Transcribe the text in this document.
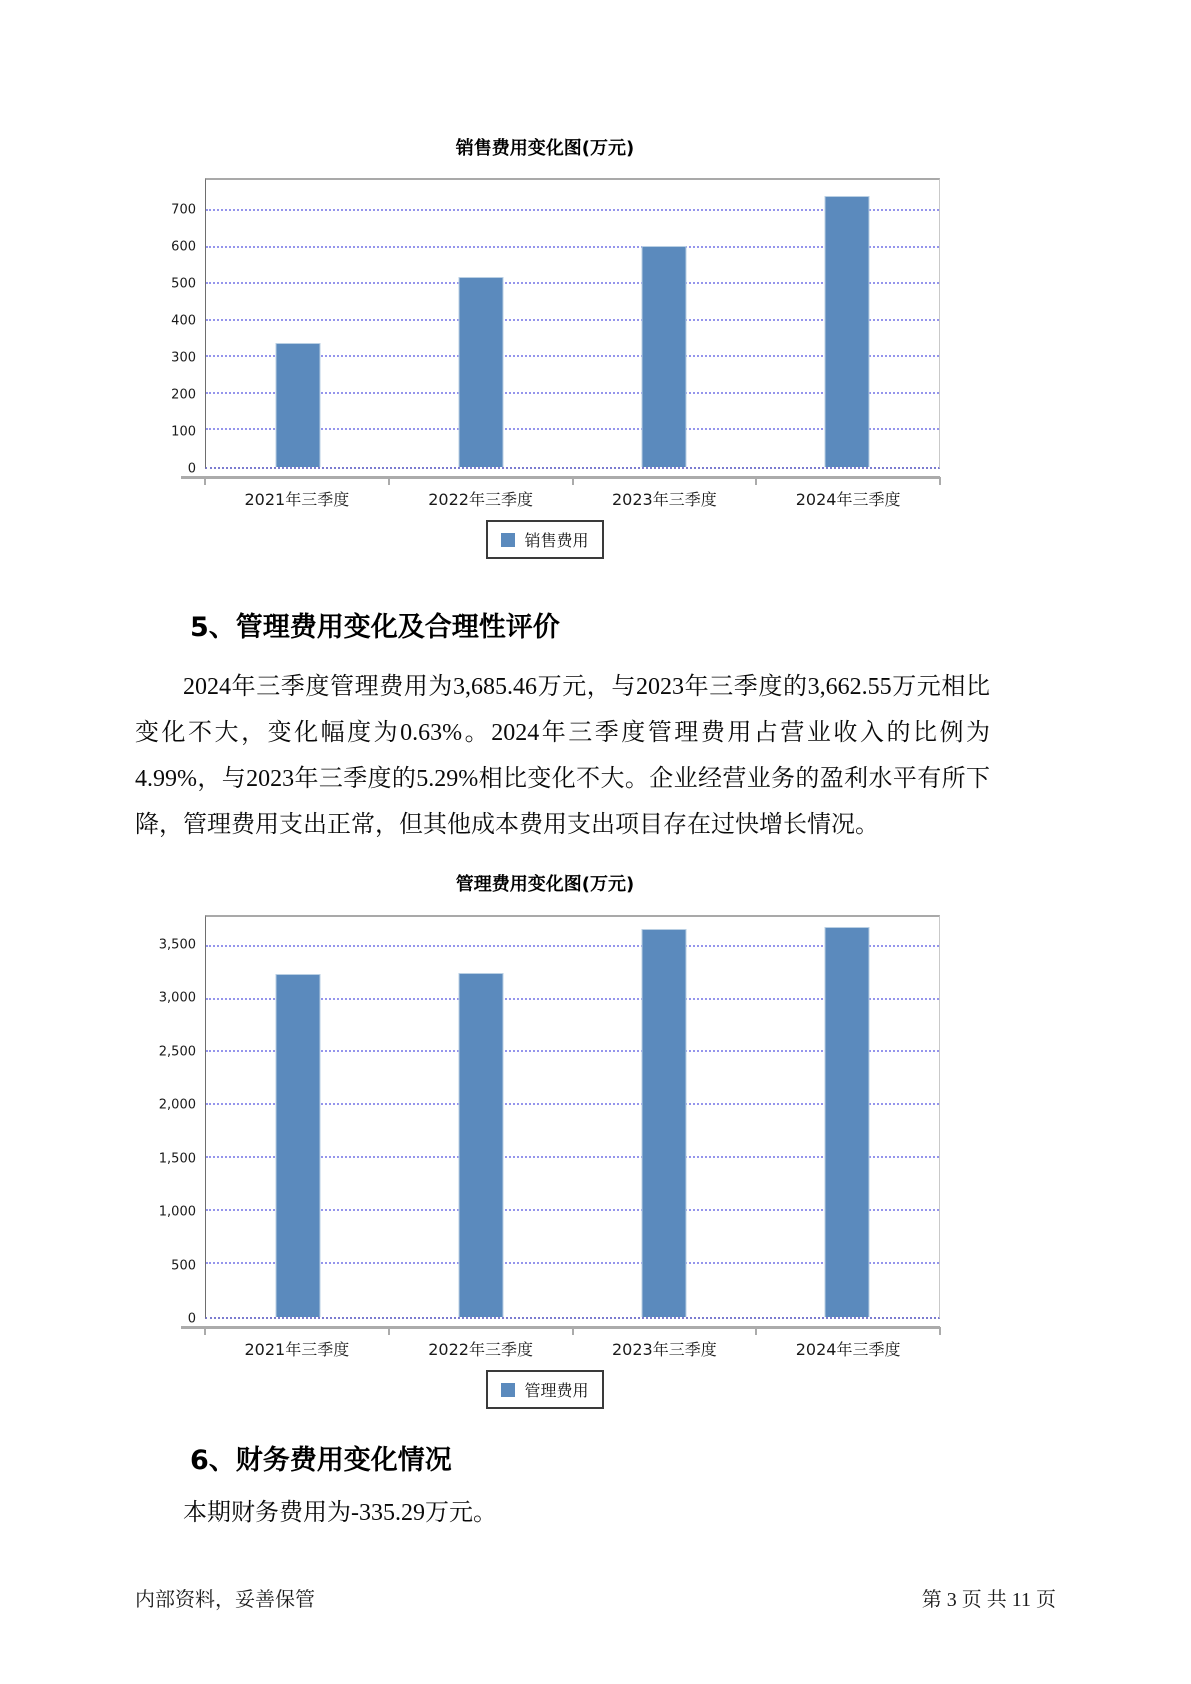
销售费用变化图(万元)
0
100
200
300
400
500
600
700
2021年三季度	2022年三季度	2023年三季度	2024年三季度
销售费用
5、管理费用变化及合理性评价

2024年三季度管理费用为3,685.46万元，与2023年三季度的3,662.55万元相比变化不大，变化幅度为0.63%。2024年三季度管理费用占营业收入的比例为4.99%，与2023年三季度的5.29%相比变化不大。企业经营业务的盈利水平有所下降，管理费用支出正常，但其他成本费用支出项目存在过快增长情况。

管理费用变化图(万元)
0
500
1,000
1,500
2,000
2,500
3,000
3,500
2021年三季度	2022年三季度	2023年三季度	2024年三季度
管理费用
6、财务费用变化情况

本期财务费用为-335.29万元。

内部资料，妥善保管	第 3 页 共 11 页
